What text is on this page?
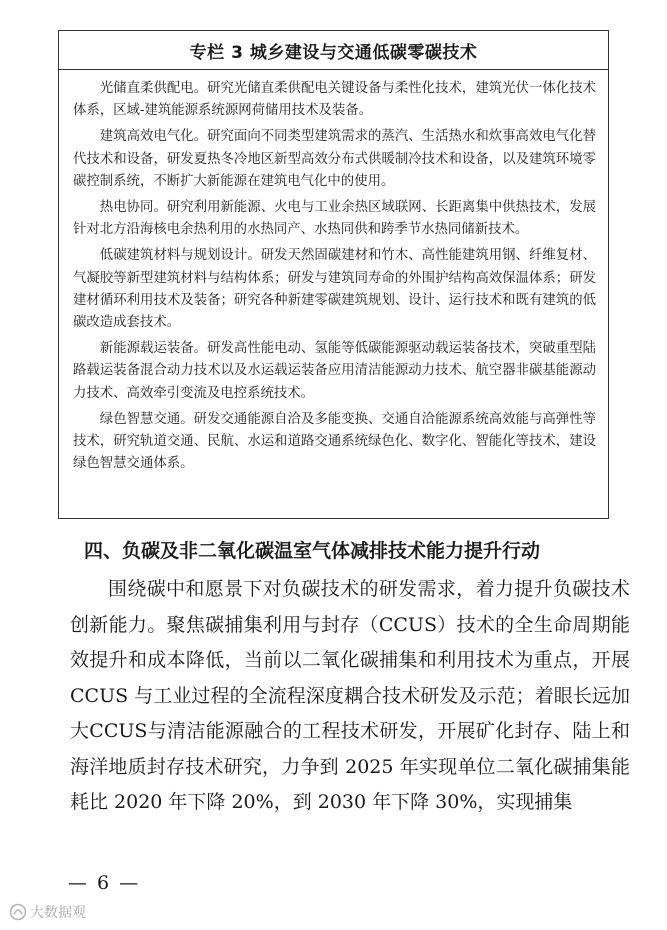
专栏 3 城乡建设与交通低碳零碳技术

光储直柔供配电。研究光储直柔供配电关键设备与柔性化技术，建筑光伏一体化技术体系，区域-建筑能源系统源网荷储用技术及装备。

建筑高效电气化。研究面向不同类型建筑需求的蒸汽、生活热水和炊事高效电气化替代技术和设备，研发夏热冬冷地区新型高效分布式供暖制冷技术和设备，以及建筑环境零碳控制系统，不断扩大新能源在建筑电气化中的使用。

热电协同。研究利用新能源、火电与工业余热区域联网、长距离集中供热技术，发展针对北方沿海核电余热利用的水热同产、水热同供和跨季节水热同储新技术。

低碳建筑材料与规划设计。研发天然固碳建材和竹木、高性能建筑用钢、纤维复材、气凝胶等新型建筑材料与结构体系；研发与建筑同寿命的外围护结构高效保温体系；研发建材循环利用技术及装备；研究各种新建零碳建筑规划、设计、运行技术和既有建筑的低碳改造成套技术。

新能源载运装备。研发高性能电动、氢能等低碳能源驱动载运装备技术，突破重型陆路载运装备混合动力技术以及水运载运装备应用清洁能源动力技术、航空器非碳基能源动力技术、高效牵引变流及电控系统技术。

绿色智慧交通。研发交通能源自洽及多能变换、交通自洽能源系统高效能与高弹性等技术，研究轨道交通、民航、水运和道路交通系统绿色化、数字化、智能化等技术，建设绿色智慧交通体系。

四、负碳及非二氧化碳温室气体减排技术能力提升行动

围绕碳中和愿景下对负碳技术的研发需求，着力提升负碳技术创新能力。聚焦碳捕集利用与封存（CCUS）技术的全生命周期能效提升和成本降低，当前以二氧化碳捕集和利用技术为重点，开展 CCUS 与工业过程的全流程深度耦合技术研发及示范；着眼长远加大CCUS与清洁能源融合的工程技术研发，开展矿化封存、陆上和海洋地质封存技术研究，力争到 2025 年实现单位二氧化碳捕集能耗比 2020 年下降 20%，到 2030 年下降 30%，实现捕集

— 6 —
大数据观
